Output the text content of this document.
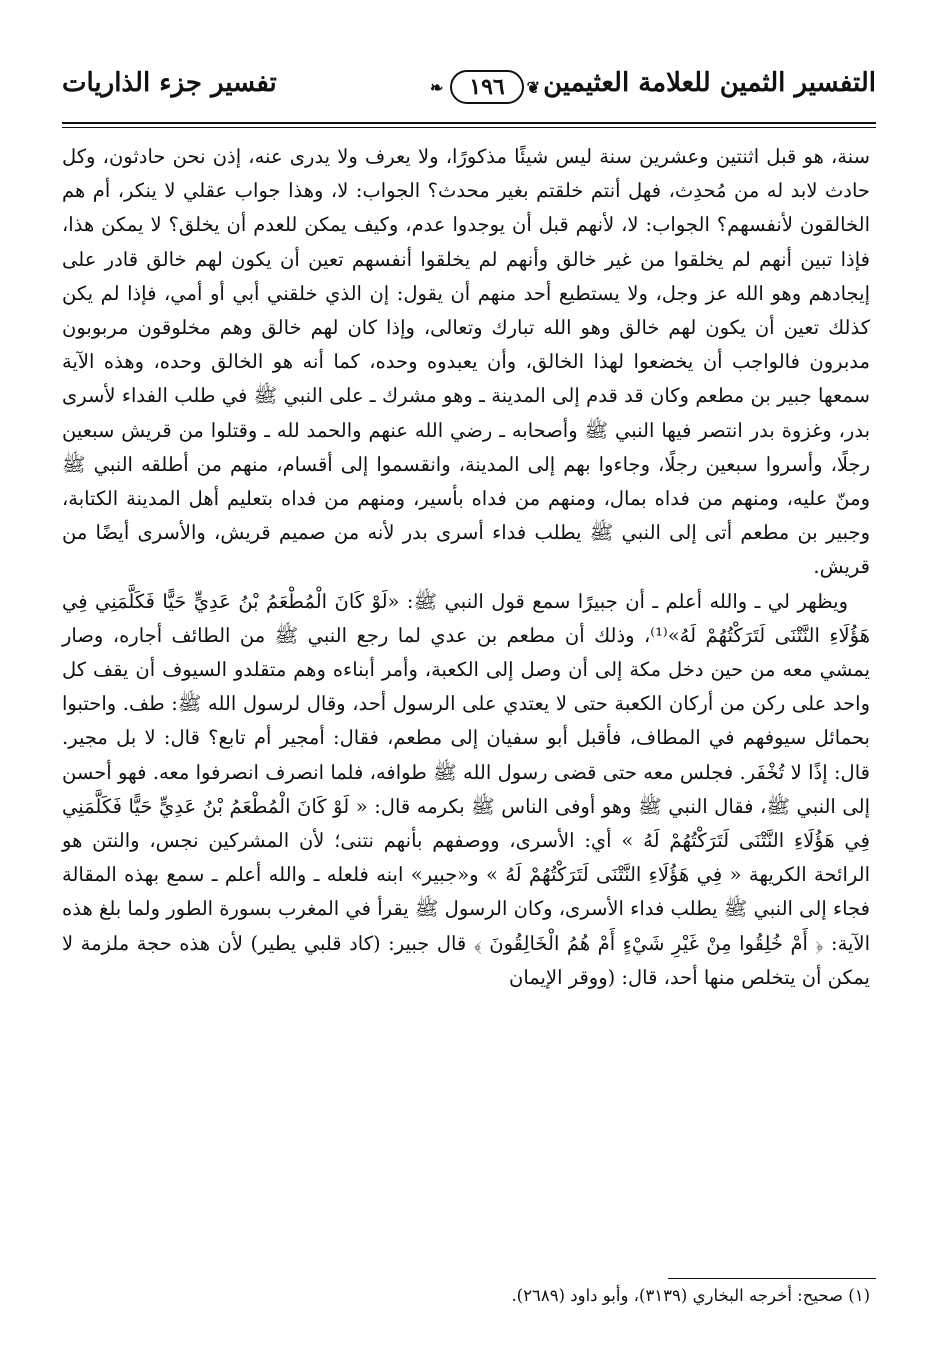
التفسير الثمين للعلامة العثيمين
❦
١٩٦
❧
تفسير جزء الذاريات

سنة، هو قبل اثنتين وعشرين سنة ليس شيئًا مذكورًا، ولا يعرف ولا يدرى عنه، إذن نحن حادثون، وكل حادث لابد له من مُحدِث، فهل أنتم خلقتم بغير محدث؟ الجواب: لا، وهذا جواب عقلي لا ينكر، أم هم الخالقون لأنفسهم؟ الجواب: لا، لأنهم قبل أن يوجدوا عدم، وكيف يمكن للعدم أن يخلق؟ لا يمكن هذا، فإذا تبين أنهم لم يخلقوا من غير خالق وأنهم لم يخلقوا أنفسهم تعين أن يكون لهم خالق قادر على إيجادهم وهو الله عز وجل، ولا يستطيع أحد منهم أن يقول: إن الذي خلقني أبي أو أمي، فإذا لم يكن كذلك تعين أن يكون لهم خالق وهو الله تبارك وتعالى، وإذا كان لهم خالق وهم مخلوقون مربوبون مدبرون فالواجب أن يخضعوا لهذا الخالق، وأن يعبدوه وحده، كما أنه هو الخالق وحده، وهذه الآية سمعها جبير بن مطعم وكان قد قدم إلى المدينة ـ وهو مشرك ـ على النبي ﷺ في طلب الفداء لأسرى بدر، وغزوة بدر انتصر فيها النبي ﷺ وأصحابه ـ رضي الله عنهم والحمد لله ـ وقتلوا من قريش سبعين رجلًا، وأسروا سبعين رجلًا، وجاءوا بهم إلى المدينة، وانقسموا إلى أقسام، منهم من أطلقه النبي ﷺ ومنّ عليه، ومنهم من فداه بمال، ومنهم من فداه بأسير، ومنهم من فداه بتعليم أهل المدينة الكتابة، وجبير بن مطعم أتى إلى النبي ﷺ يطلب فداء أسرى بدر لأنه من صميم قريش، والأسرى أيضًا من قريش.

ويظهر لي ـ والله أعلم ـ أن جبيرًا سمع قول النبي ﷺ: «لَوْ كَانَ الْمُطْعَمُ بْنُ عَدِيٍّ حَيًّا فَكَلَّمَنِي فِي هَؤُلَاءِ النَّتْنَى لَتَرَكْتُهُمْ لَهُ»⁽¹⁾، وذلك أن مطعم بن عدي لما رجع النبي ﷺ من الطائف أجاره، وصار يمشي معه من حين دخل مكة إلى أن وصل إلى الكعبة، وأمر أبناءه وهم متقلدو السيوف أن يقف كل واحد على ركن من أركان الكعبة حتى لا يعتدي على الرسول أحد، وقال لرسول الله ﷺ: طف. واحتبوا بحمائل سيوفهم في المطاف، فأقبل أبو سفيان إلى مطعم، فقال: أمجير أم تابع؟ قال: لا بل مجير. قال: إذًا لا تُخْفَر. فجلس معه حتى قضى رسول الله ﷺ طوافه، فلما انصرف انصرفوا معه. فهو أحسن إلى النبي ﷺ، فقال النبي ﷺ وهو أوفى الناس ﷺ بكرمه قال: « لَوْ كَانَ الْمُطْعَمُ بْنُ عَدِيٍّ حَيًّا فَكَلَّمَنِي فِي هَؤُلَاءِ النَّتْنَى لَتَرَكْتُهُمْ لَهُ » أي: الأسرى، ووصفهم بأنهم نتنى؛ لأن المشركين نجس، والنتن هو الرائحة الكريهة « فِي هَؤُلَاءِ النَّتْنَى لَتَرَكْتُهُمْ لَهُ » و«جبير» ابنه فلعله ـ والله أعلم ـ سمع بهذه المقالة فجاء إلى النبي ﷺ يطلب فداء الأسرى، وكان الرسول ﷺ يقرأ في المغرب بسورة الطور ولما بلغ هذه الآية: ﴿ أَمْ خُلِقُوا مِنْ غَيْرِ شَيْءٍ أَمْ هُمُ الْخَالِقُونَ ﴾ قال جبير: (كاد قلبي يطير) لأن هذه حجة ملزمة لا يمكن أن يتخلص منها أحد، قال: (ووقر الإيمان

(١) صحيح: أخرجه البخاري (٣١٣٩)، وأبو داود (٢٦٨٩).
